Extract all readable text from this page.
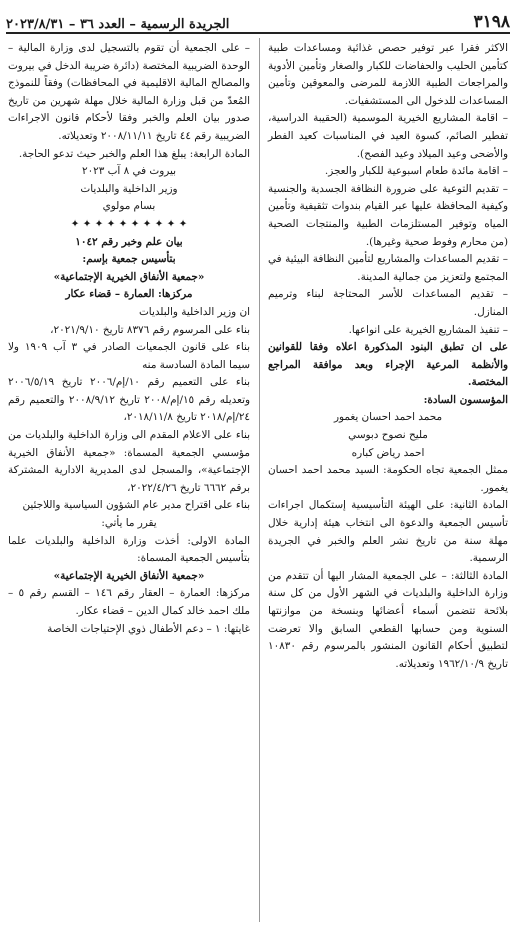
٣١٩٨
الجريدة الرسمية – العدد ٣٦ – ٢٠٢٣/٨/٣١

الاكثر فقرا عبر توفير حصص غذائية ومساعدات طبية كتأمين الحليب والحفاضات للكبار والصغار وتأمين الأدوية والمراجعات الطبية اللازمة للمرضى والمعوقين وتأمين المساعدات للدخول الى المستشفيات.

– اقامة المشاريع الخيرية الموسمية (الحقيبة الدراسية، تفطير الصائم، كسوة العيد في المناسبات كعيد الفطر والأضحى وعيد الميلاد وعيد الفصح).

– اقامة مائدة طعام اسبوعية للكبار والعجز.

– تقديم التوعية على ضرورة النظافة الجسدية والجنسية وكيفية المحافظة عليها عبر القيام بندوات تثقيفية وتأمين المياه وتوفير المستلزمات الطبية والمنتجات الصحية (من محارم وفوط صحية وغيرها).

– تقديم المساعدات والمشاريع لتأمين النظافة البيئية في المجتمع ولتعزيز من جمالية المدينة.

– تقديم المساعدات للأسر المحتاجة لبناء وترميم المنازل.

– تنفيذ المشاريع الخيرية على انواعها.

على ان تطبق البنود المذكورة اعلاه وفقا للقوانين والأنظمة المرعية الإجراء وبعد موافقة المراجع المختصة.

المؤسسون السادة:

محمد احمد احسان يغمور

مليح نصوح دبوسي

احمد رياض كباره

ممثل الجمعية تجاه الحكومة: السيد محمد احمد احسان يغمور.

المادة الثانية: على الهيئة التأسيسية إستكمال اجراءات تأسيس الجمعية والدعوة الى انتخاب هيئة إدارية خلال مهلة سنة من تاريخ نشر العلم والخبر في الجريدة الرسمية.

المادة الثالثة: – على الجمعية المشار اليها أن تتقدم من وزارة الداخلية والبلديات في الشهر الأول من كل سنة بلائحة تتضمن أسماء أعضائها وبنسخة من موازنتها السنوية ومن حسابها القطعي السابق والا تعرضت لتطبيق أحكام القانون المنشور بالمرسوم رقم ١٠٨٣٠ تاريخ ١٩٦٢/١٠/٩ وتعديلاته.

– على الجمعية أن تقوم بالتسجيل لدى وزارة المالية – الوحدة الضريبية المختصة (دائرة ضريبة الدخل في بيروت والمصالح المالية الاقليمية في المحافظات) وفقاً للنموذج المُعدّ من قبل وزارة المالية خلال مهلة شهرين من تاريخ صدور بيان العلم والخبر وفقا لأحكام قانون الاجراءات الضريبية رقم ٤٤ تاريخ ٢٠٠٨/١١/١١ وتعديلاته.

المادة الرابعة: يبلغ هذا العلم والخبر حيث تدعو الحاجة.

بيروت في ٨ آب ٢٠٢٣

وزير الداخلية والبلديات

بسام مولوي

✦ ✦ ✦ ✦ ✦ ✦ ✦ ✦ ✦ ✦

بيان علم وخبر رقم ١٠٤٢

بتأسيس جمعية بإسم:

«جمعية الأنفاق الخيرية الإجتماعية»

مركزها: العمارة – قضاء عكار

ان وزير الداخلية والبلديات

بناء على المرسوم رقم ٨٣٧٦ تاريخ ٢٠٢١/٩/١٠،

بناء على قانون الجمعيات الصادر في ٣ آب ١٩٠٩ ولا سيما المادة السادسة منه

بناء على التعميم رقم ١٠/إم/٢٠٠٦ تاريخ ٢٠٠٦/٥/١٩ وتعديله رقم ١٥/إم/٢٠٠٨ تاريخ ٢٠٠٨/٩/١٢ والتعميم رقم ٢٤/إم/٢٠١٨ تاريخ ٢٠١٨/١١/٨،

بناء على الاعلام المقدم الى وزارة الداخلية والبلديات من مؤسسي الجمعية المسماة: «جمعية الأنفاق الخيرية الإجتماعية»، والمسجل لدى المديرية الادارية المشتركة برقم ٦٦٦٢ تاريخ ٢٠٢٢/٤/٢٦،

بناء على اقتراح مدير عام الشؤون السياسية واللاجئين

يقرر ما يأتي:

المادة الاولى: أخذت وزارة الداخلية والبلديات علما بتأسيس الجمعية المسماة:

«جمعية الأنفاق الخيرية الإجتماعية»

مركزها: العمارة – العقار رقم ١٤٦ – القسم رقم ٥ – ملك احمد خالد كمال الدين – قضاء عكار.

غايتها: ١ – دعم الأطفال ذوي الإحتياجات الخاصة
